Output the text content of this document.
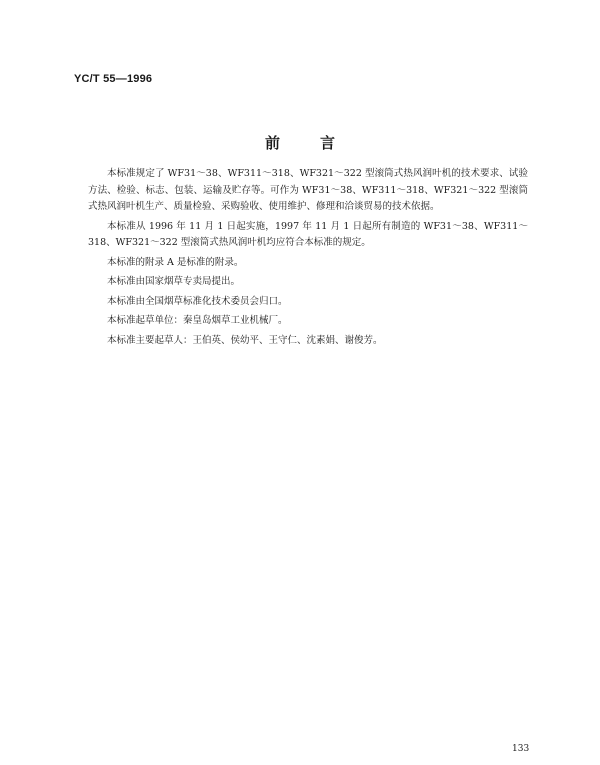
YC/T 55—1996
前言

本标准规定了 WF31～38、WF311～318、WF321～322 型滚筒式热风润叶机的技术要求、试验方法、检验、标志、包装、运输及贮存等。可作为 WF31～38、WF311～318、WF321～322 型滚筒式热风润叶机生产、质量检验、采购验收、使用维护、修理和洽谈贸易的技术依据。

本标准从 1996 年 11 月 1 日起实施，1997 年 11 月 1 日起所有制造的 WF31～38、WF311～318、WF321～322 型滚筒式热风润叶机均应符合本标准的规定。

本标准的附录 A 是标准的附录。

本标准由国家烟草专卖局提出。

本标准由全国烟草标准化技术委员会归口。

本标准起草单位：秦皇岛烟草工业机械厂。

本标准主要起草人：王伯英、侯幼平、王守仁、沈素娟、谢俊芳。

133
